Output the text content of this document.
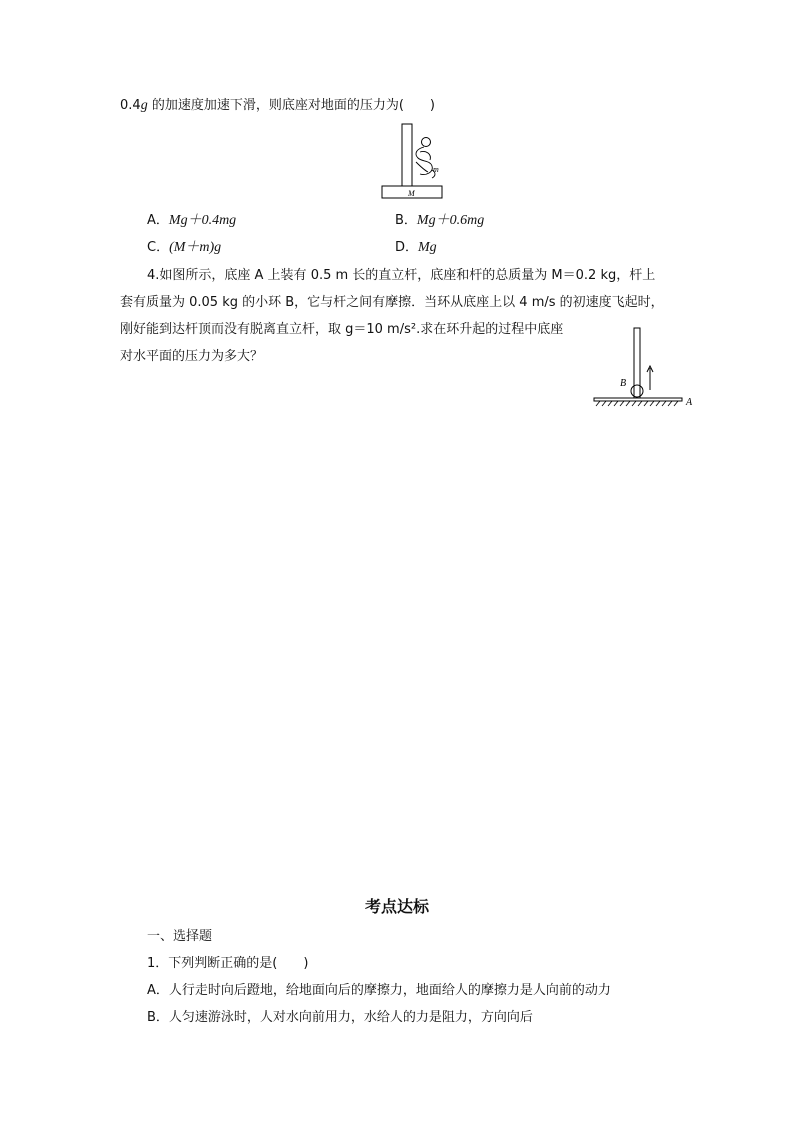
0.4g 的加速度加速下滑，则底座对地面的压力为(　　)
m
M
A．Mg＋0.4mg	B．Mg＋0.6mg
C．(M＋m)g	D．Mg
4.如图所示，底座 A 上装有 0.5 m 长的直立杆，底座和杆的总质量为 M＝0.2 kg，杆上
套有质量为 0.05 kg 的小环 B，它与杆之间有摩擦．当环从底座上以 4 m/s 的初速度飞起时，
刚好能到达杆顶而没有脱离直立杆，取 g＝10 m/s².求在环升起的过程中底座
对水平面的压力为多大？
B
A
考点达标
一、选择题
1．下列判断正确的是(　　)
A．人行走时向后蹬地，给地面向后的摩擦力，地面给人的摩擦力是人向前的动力
B．人匀速游泳时，人对水向前用力，水给人的力是阻力，方向向后
